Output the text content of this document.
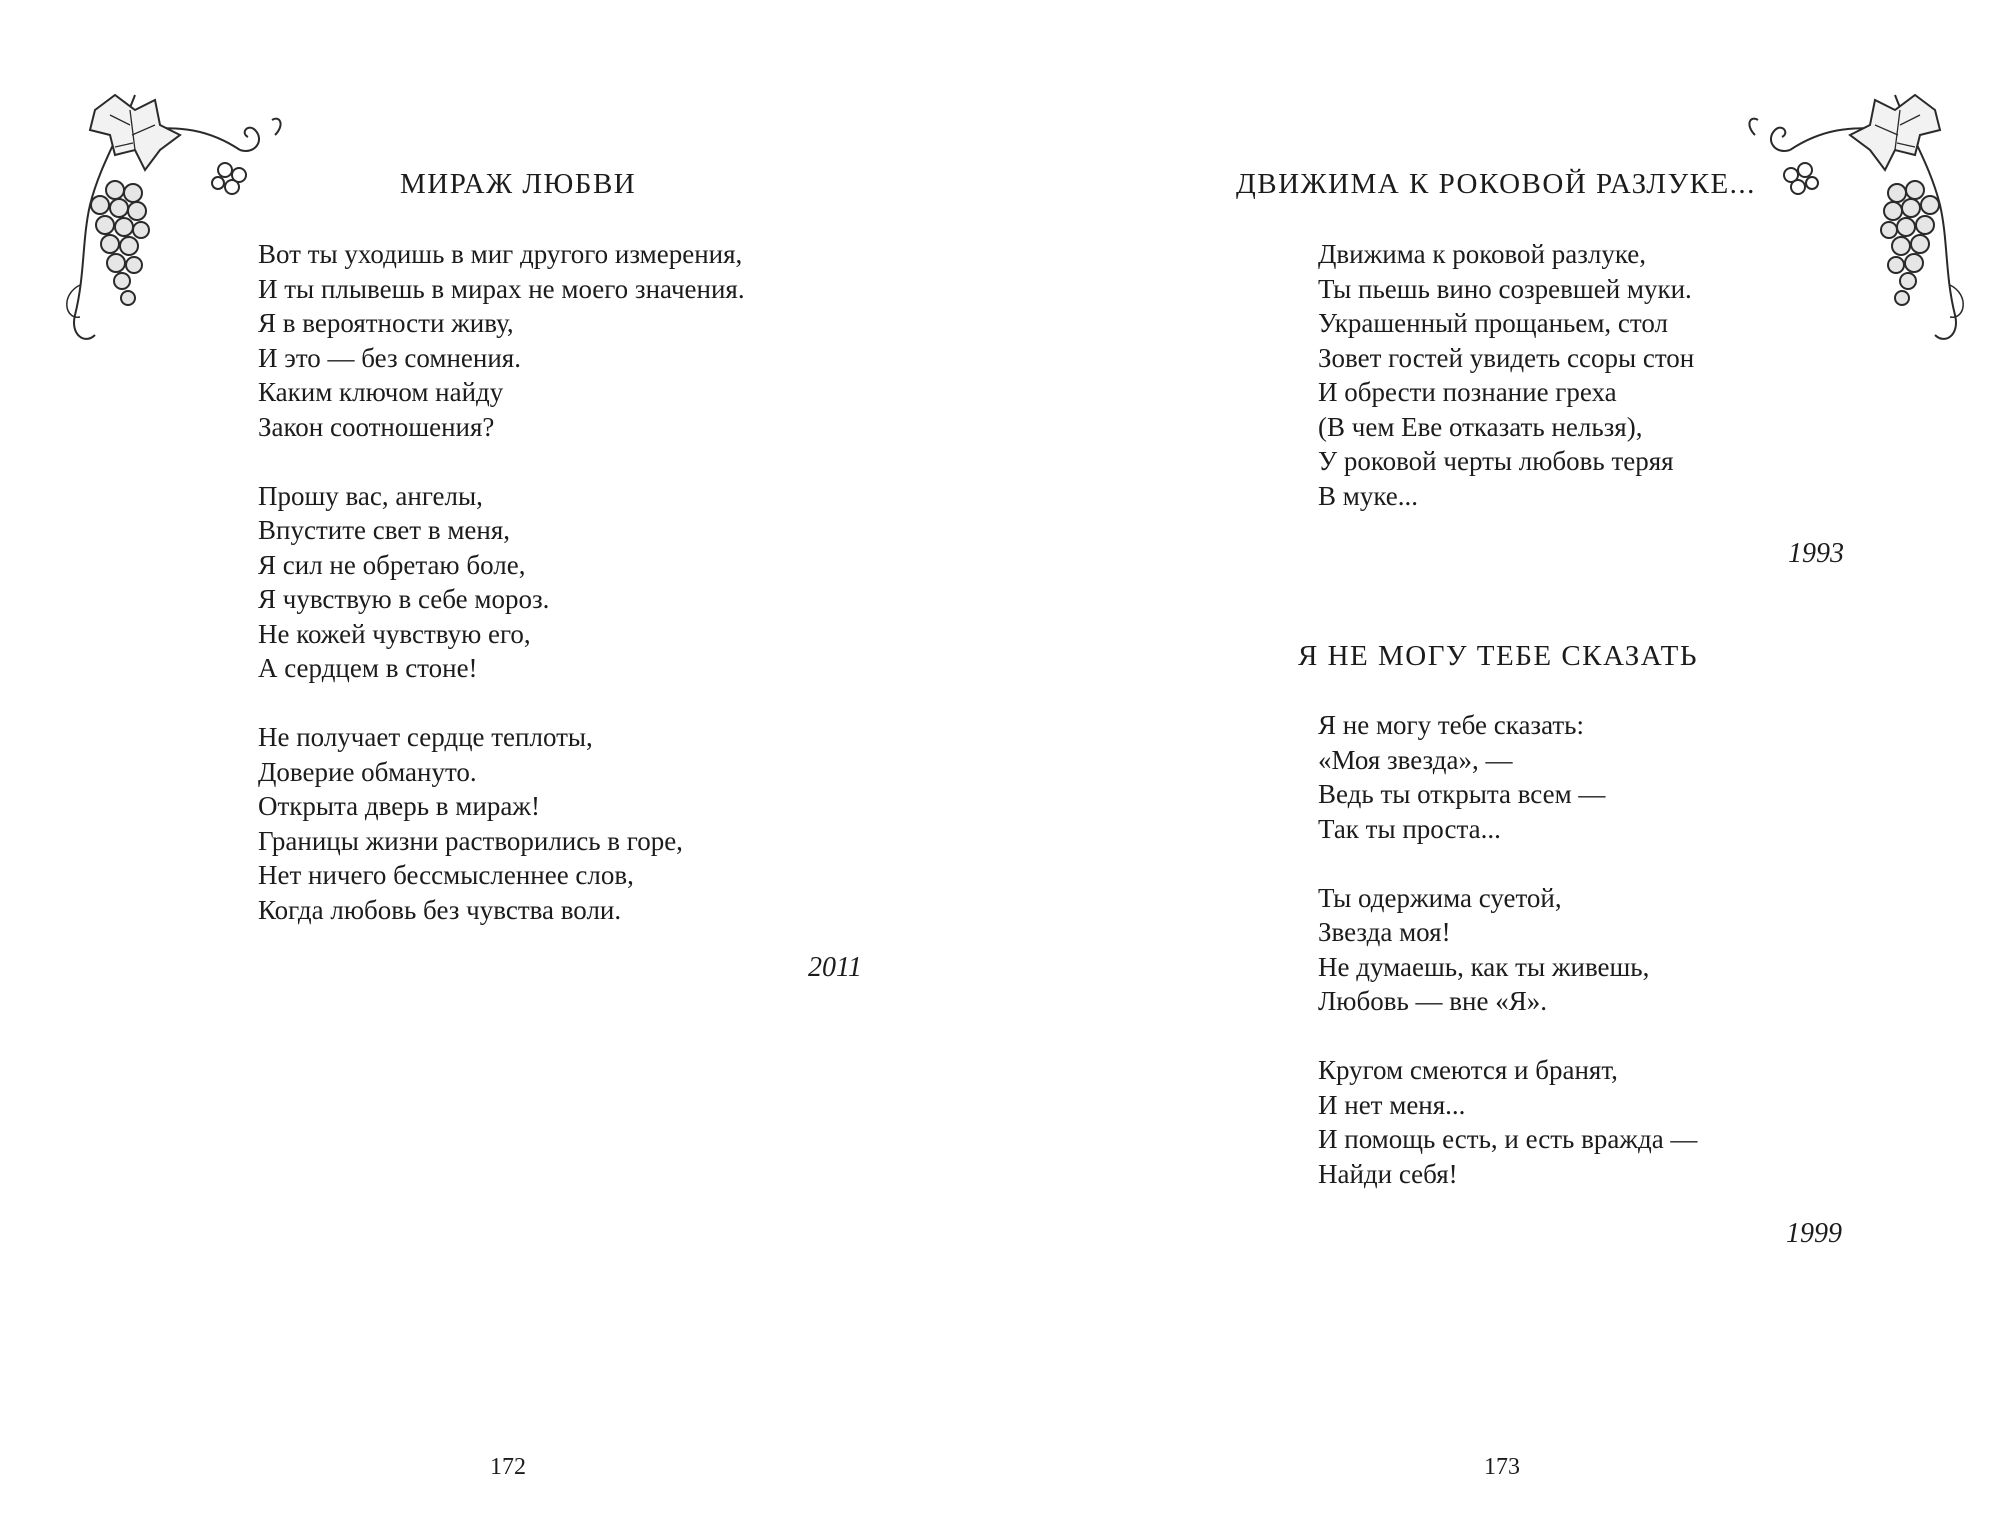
МИРАЖ ЛЮБВИ
Вот ты уходишь в миг другого измерения,
И ты плывешь в мирах не моего значения.
Я в вероятности живу,
И это — без сомнения.
Каким ключом найду
Закон соотношения?
Прошу вас, ангелы,
Впустите свет в меня,
Я сил не обретаю боле,
Я чувствую в себе мороз.
Не кожей чувствую его,
А сердцем в стоне!
Не получает сердце теплоты,
Доверие обмануто.
Открыта дверь в мираж!
Границы жизни растворились в горе,
Нет ничего бессмысленнее слов,
Когда любовь без чувства воли.
2011
172
ДВИЖИМА К РОКОВОЙ РАЗЛУКЕ...
Движима к роковой разлуке,
Ты пьешь вино созревшей муки.
Украшенный прощаньем, стол
Зовет гостей увидеть ссоры стон
И обрести познание греха
(В чем Еве отказать нельзя),
У роковой черты любовь теряя
В муке...
1993
Я НЕ МОГУ ТЕБЕ СКАЗАТЬ
Я не могу тебе сказать:
«Моя звезда», —
Ведь ты открыта всем —
Так ты проста...
Ты одержима суетой,
Звезда моя!
Не думаешь, как ты живешь,
Любовь — вне «Я».
Кругом смеются и бранят,
И нет меня...
И помощь есть, и есть вражда —
Найди себя!
1999
173
